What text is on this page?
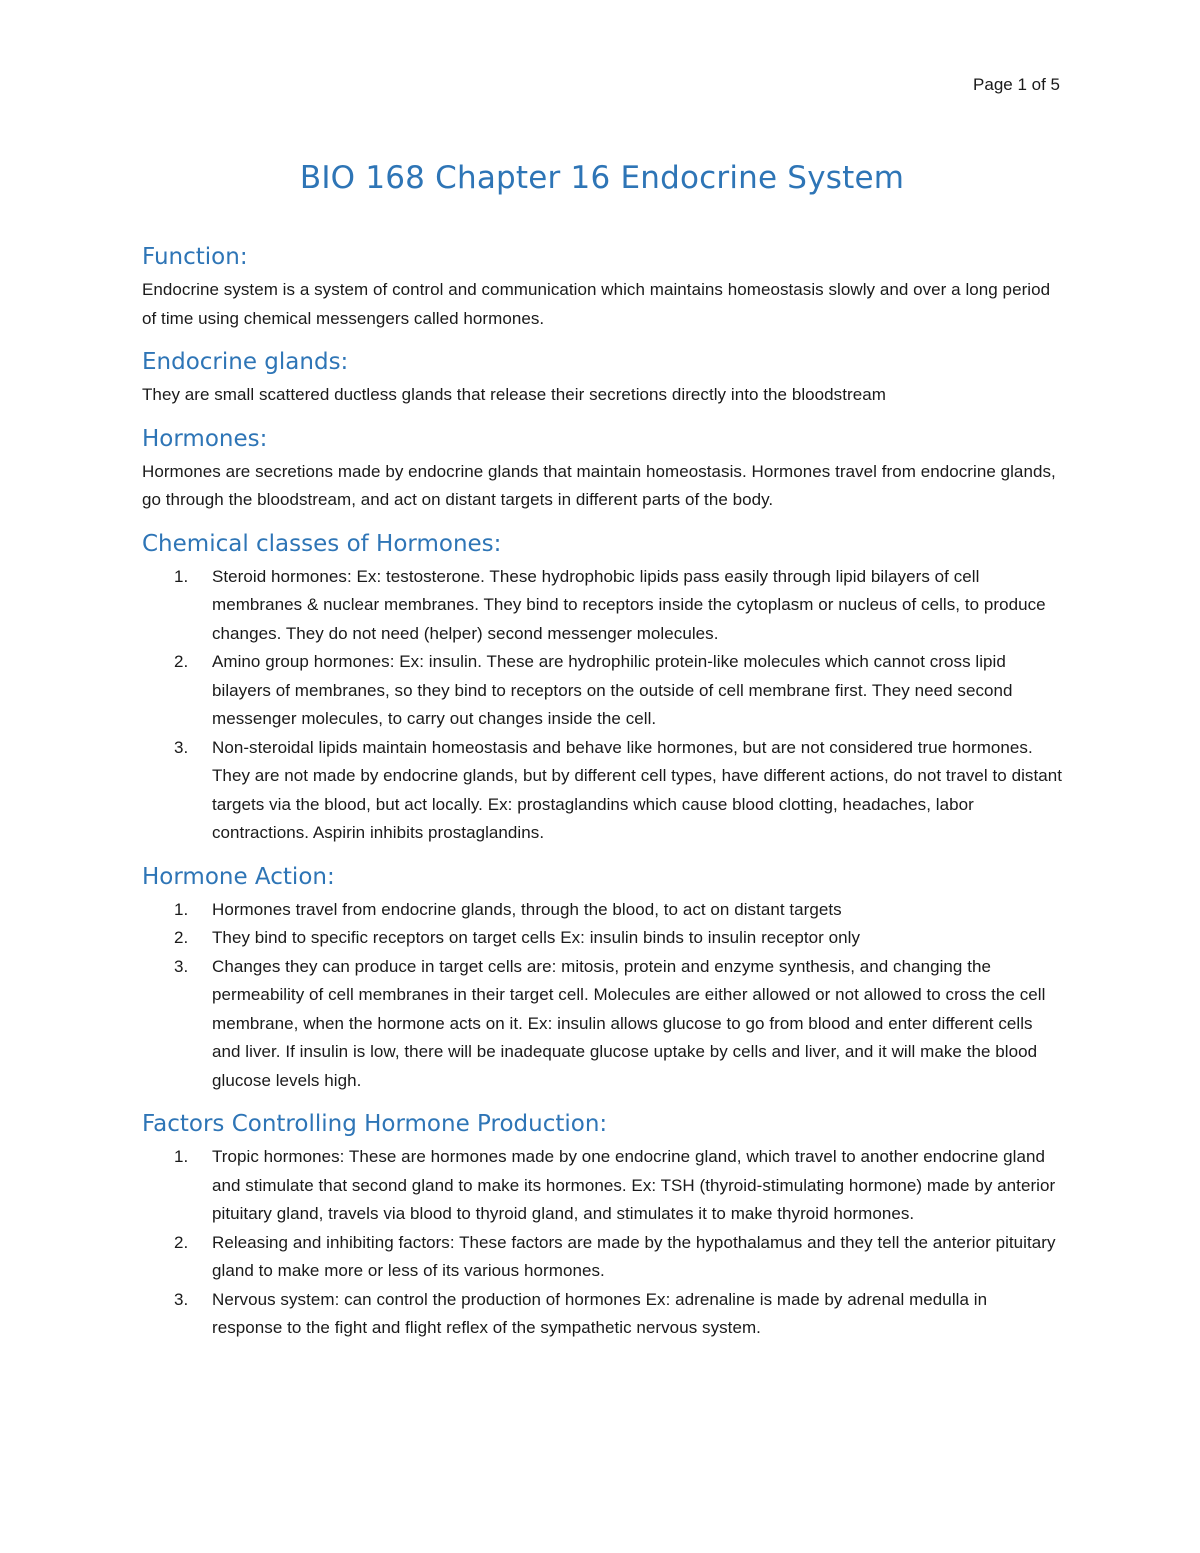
Page 1 of 5
BIO 168 Chapter 16 Endocrine System
Function:

Endocrine system is a system of control and communication which maintains homeostasis slowly and over a long period of time using chemical messengers called hormones.

Endocrine glands:

They are small scattered ductless glands that release their secretions directly into the bloodstream

Hormones:

Hormones are secretions made by endocrine glands that maintain homeostasis. Hormones travel from endocrine glands, go through the bloodstream, and act on distant targets in different parts of the body.

Chemical classes of Hormones:
1.	Steroid hormones: Ex: testosterone. These hydrophobic lipids pass easily through lipid bilayers of cell membranes & nuclear membranes. They bind to receptors inside the cytoplasm or nucleus of cells, to produce changes. They do not need (helper) second messenger molecules.
2.	Amino group hormones: Ex: insulin. These are hydrophilic protein-like molecules which cannot cross lipid bilayers of membranes, so they bind to receptors on the outside of cell membrane first. They need second messenger molecules, to carry out changes inside the cell.
3.	Non-steroidal lipids maintain homeostasis and behave like hormones, but are not considered true hormones. They are not made by endocrine glands, but by different cell types, have different actions, do not travel to distant targets via the blood, but act locally. Ex: prostaglandins which cause blood clotting, headaches, labor contractions. Aspirin inhibits prostaglandins.
Hormone Action:
1.	Hormones travel from endocrine glands, through the blood, to act on distant targets
2.	They bind to specific receptors on target cells Ex: insulin binds to insulin receptor only
3.	Changes they can produce in target cells are: mitosis, protein and enzyme synthesis, and changing the permeability of cell membranes in their target cell. Molecules are either allowed or not allowed to cross the cell membrane, when the hormone acts on it. Ex: insulin allows glucose to go from blood and enter different cells and liver. If insulin is low, there will be inadequate glucose uptake by cells and liver, and it will make the blood glucose levels high.
Factors Controlling Hormone Production:
1.	Tropic hormones: These are hormones made by one endocrine gland, which travel to another endocrine gland and stimulate that second gland to make its hormones. Ex: TSH (thyroid-stimulating hormone) made by anterior pituitary gland, travels via blood to thyroid gland, and stimulates it to make thyroid hormones.
2.	Releasing and inhibiting factors: These factors are made by the hypothalamus and they tell the anterior pituitary gland to make more or less of its various hormones.
3.	Nervous system: can control the production of hormones Ex: adrenaline is made by adrenal medulla in response to the fight and flight reflex of the sympathetic nervous system.
